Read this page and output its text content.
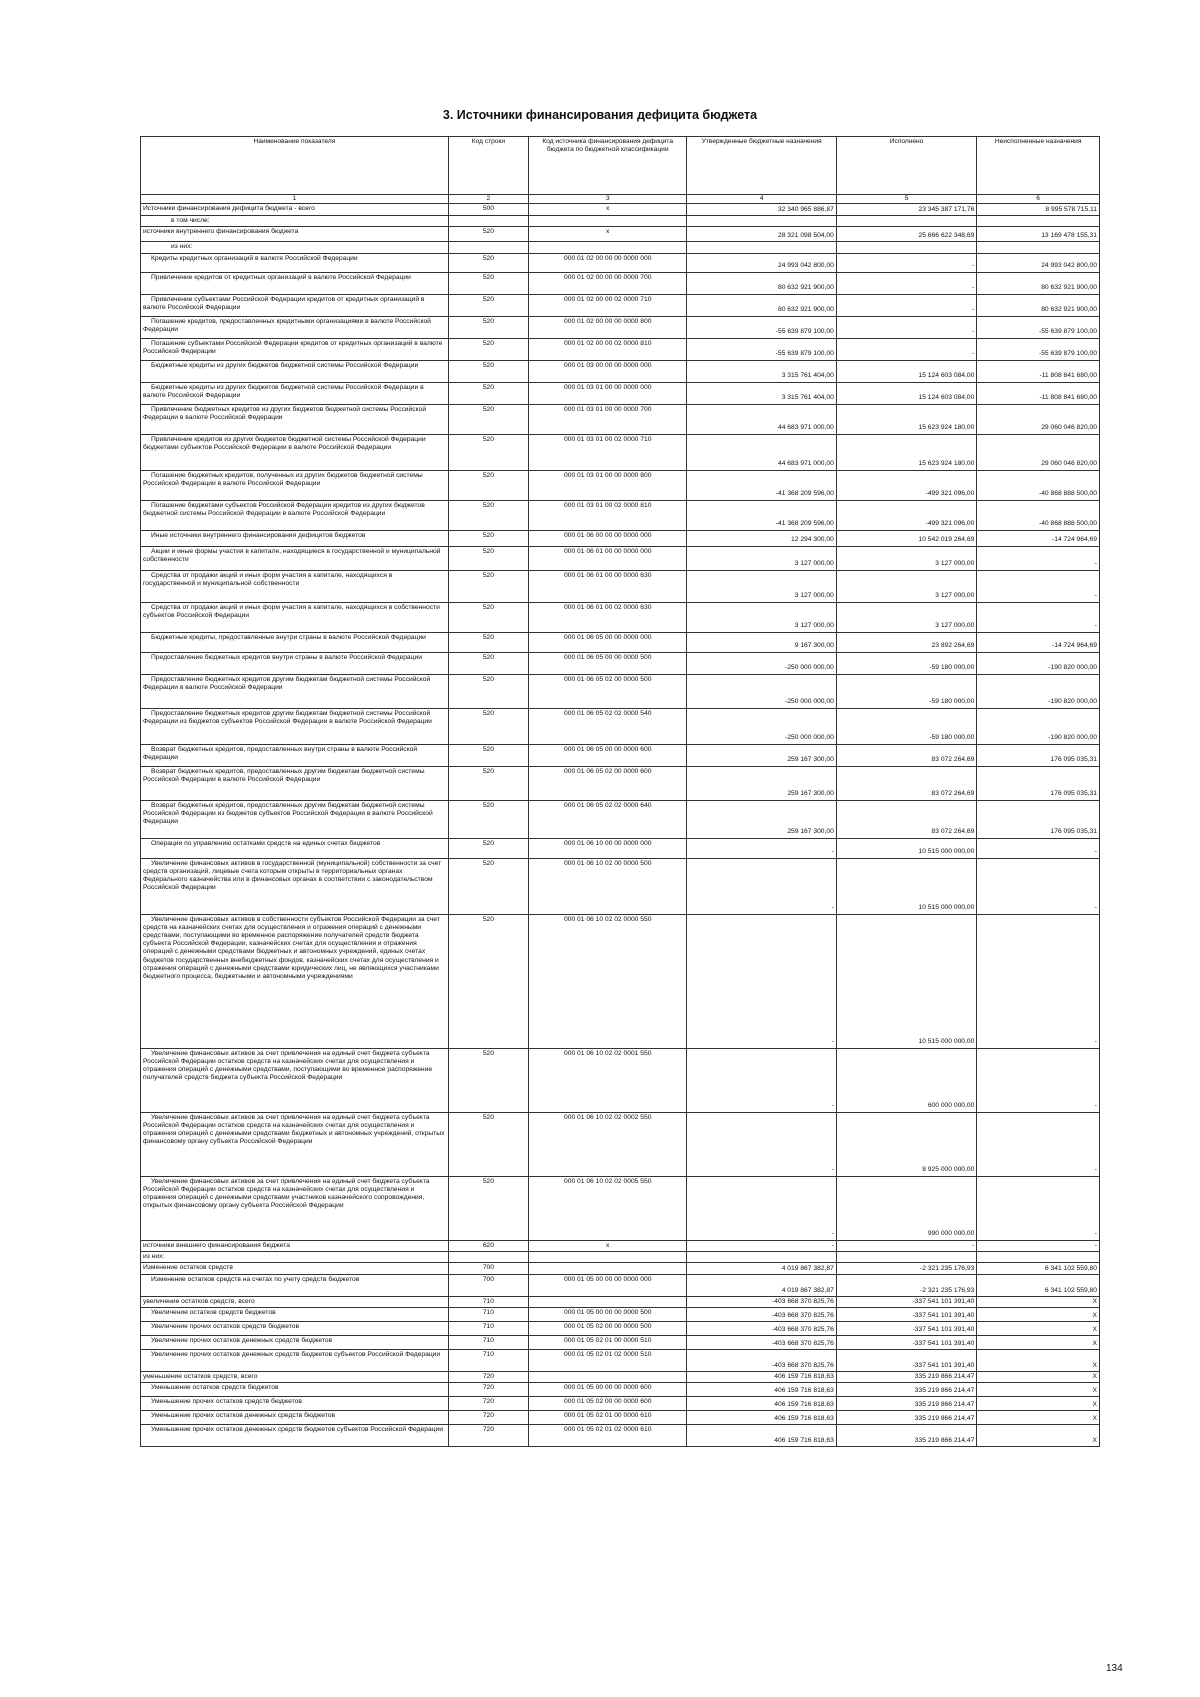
3. Источники финансирования дефицита бюджета
Наименование показателя	Код строки	Код источника финансирования дефицита бюджета по бюджетной классификации	Утвержденные бюджетные назначения	Исполнено	Неисполненные назначения
1	2	3	4	5	6
Источники финансирования дефицита бюджета - всего	500	x	32 340 965 886,87	23 345 387 171,76	8 995 578 715,11
в том числе:					
источники внутреннего финансирования бюджета	520	x	28 321 098 504,00	25 666 622 348,69	13 169 478 155,31
из них:					
Кредиты кредитных организаций в валюте Российской Федерации	520	000 01 02 00 00 00 0000 000	24 993 042 800,00	-	24 993 042 800,00
Привлечение кредитов от кредитных организаций в валюте Российской Федерации	520	000 01 02 00 00 00 0000 700	80 632 921 900,00	-	80 632 921 900,00
Привлечение субъектами Российской Федерации кредитов от кредитных организаций в валюте Российской Федерации	520	000 01 02 00 00 02 0000 710	80 632 921 900,00	-	80 632 921 900,00
Погашение кредитов, предоставленных кредитными организациями в валюте Российской Федерации	520	000 01 02 00 00 00 0000 800	-55 639 879 100,00	-	-55 639 879 100,00
Погашение субъектами Российской Федерации кредитов от кредитных организаций в валюте Российской Федерации	520	000 01 02 00 00 02 0000 810	-55 639 879 100,00	-	-55 639 879 100,00
Бюджетные кредиты из других бюджетов бюджетной системы Российской Федерации	520	000 01 03 00 00 00 0000 000	3 315 761 404,00	15 124 603 084,00	-11 808 841 680,00
Бюджетные кредиты из других бюджетов бюджетной системы Российской Федерации в валюте Российской Федерации	520	000 01 03 01 00 00 0000 000	3 315 761 404,00	15 124 603 084,00	-11 808 841 680,00
Привлечение бюджетных кредитов из других бюджетов бюджетной системы Российской Федерации в валюте Российской Федерации	520	000 01 03 01 00 00 0000 700	44 683 971 000,00	15 623 924 180,00	29 060 046 820,00
Привлечение кредитов из других бюджетов бюджетной системы Российской Федерации бюджетами субъектов Российской Федерации в валюте Российской Федерации	520	000 01 03 01 00 02 0000 710	44 683 971 000,00	15 623 924 180,00	29 060 046 820,00
Погашение бюджетных кредитов, полученных из других бюджетов бюджетной системы Российской Федерации в валюте Российской Федерации	520	000 01 03 01 00 00 0000 800	-41 368 209 596,00	-499 321 096,00	-40 868 888 500,00
Погашение бюджетами субъектов Российской Федерации кредитов из других бюджетов бюджетной системы Российской Федерации в валюте Российской Федерации	520	000 01 03 01 00 02 0000 810	-41 368 209 596,00	-499 321 096,00	-40 868 888 500,00
Иные источники внутреннего финансирования дефицитов бюджетов	520	000 01 06 00 00 00 0000 000	12 294 300,00	10 542 019 264,69	-14 724 964,69
Акции и иные формы участия в капитале, находящиеся в государственной и муниципальной собственности	520	000 01 06 01 00 00 0000 000	3 127 000,00	3 127 000,00	-
Средства от продажи акций и иных форм участия в капитале, находящихся в государственной и муниципальной собственности	520	000 01 06 01 00 00 0000 630	3 127 000,00	3 127 000,00	-
Средства от продажи акций и иных форм участия в капитале, находящихся в собственности субъектов Российской Федерации	520	000 01 06 01 00 02 0000 630	3 127 000,00	3 127 000,00	-
Бюджетные кредиты, предоставленные внутри страны в валюте Российской Федерации	520	000 01 06 05 00 00 0000 000	9 167 300,00	23 892 264,69	-14 724 964,69
Предоставление бюджетных кредитов внутри страны в валюте Российской Федерации	520	000 01 06 05 00 00 0000 500	-250 000 000,00	-59 180 000,00	-190 820 000,00
Предоставление бюджетных кредитов другим бюджетам бюджетной системы Российской Федерации в валюте Российской Федерации	520	000 01 06 05 02 00 0000 500	-250 000 000,00	-59 180 000,00	-190 820 000,00
Предоставление бюджетных кредитов другим бюджетам бюджетной системы Российской Федерации из бюджетов субъектов Российской Федерации в валюте Российской Федерации	520	000 01 06 05 02 02 0000 540	-250 000 000,00	-59 180 000,00	-190 820 000,00
Возврат бюджетных кредитов, предоставленных внутри страны в валюте Российской Федерации	520	000 01 06 05 00 00 0000 600	259 167 300,00	83 072 264,69	176 095 035,31
Возврат бюджетных кредитов, предоставленных другим бюджетам бюджетной системы Российской Федерации в валюте Российской Федерации	520	000 01 06 05 02 00 0000 600	259 167 300,00	83 072 264,69	176 095 035,31
Возврат бюджетных кредитов, предоставленных другим бюджетам бюджетной системы Российской Федерации из бюджетов субъектов Российской Федерации в валюте Российской Федерации	520	000 01 06 05 02 02 0000 640	259 167 300,00	83 072 264,69	176 095 035,31
Операции по управлению остатками средств на единых счетах бюджетов	520	000 01 06 10 00 00 0000 000	-	10 515 000 000,00	-
Увеличение финансовых активов в государственной (муниципальной) собственности за счет средств организаций, лицевые счета которым открыты в территориальных органах Федерального казначейства или в финансовых органах в соответствии с законодательством Российской Федерации	520	000 01 06 10 02 00 0000 500	-	10 515 000 000,00	-
Увеличение финансовых активов в собственности субъектов Российской Федерации за счет средств на казначейских счетах для осуществления и отражения операций с денежными средствами, поступающими во временное распоряжение получателей средств бюджета субъекта Российской Федерации, казначейских счетах для осуществления и отражения операций с денежными средствами бюджетных и автономных учреждений, единых счетах бюджетов государственных внебюджетных фондов, казначейских счетах для осуществления и отражения операций с денежными средствами юридических лиц, не являющихся участниками бюджетного процесса, бюджетными и автономными учреждениями	520	000 01 06 10 02 02 0000 550	-	10 515 000 000,00	-
Увеличение финансовых активов за счет привлечения на единый счет бюджета субъекта Российской Федерации остатков средств на казначейских счетах для осуществления и отражения операций с денежными средствами, поступающими во временное распоряжение получателей средств бюджета субъекта Российской Федерации	520	000 01 06 10 02 02 0001 550	-	600 000 000,00	-
Увеличение финансовых активов за счет привлечения на единый счет бюджета субъекта Российской Федерации остатков средств на казначейских счетах для осуществления и отражения операций с денежными средствами бюджетных и автономных учреждений, открытых финансовому органу субъекта Российской Федерации	520	000 01 06 10 02 02 0002 550	-	8 925 000 000,00	-
Увеличение финансовых активов за счет привлечения на единый счет бюджета субъекта Российской Федерации остатков средств на казначейских счетах для осуществления и отражения операций с денежными средствами участников казначейского сопровождения, открытых финансовому органу субъекта Российской Федерации	520	000 01 06 10 02 02 0005 550	-	990 000 000,00	-
источники внешнего финансирования бюджета	620	x	-	-	-
из них:					
Изменение остатков средств	700		4 019 867 382,87	-2 321 235 176,93	6 341 102 559,80
Изменение остатков средств на счетах по учету средств бюджетов	700	000 01 05 00 00 00 0000 000	4 019 867 382,87	-2 321 235 176,93	6 341 102 559,80
увеличение остатков средств, всего	710		-403 668 370 825,76	-337 541 101 391,40	X
Увеличение остатков средств бюджетов	710	000 01 05 00 00 00 0000 500	-403 668 370 825,76	-337 541 101 391,40	X
Увеличение прочих остатков средств бюджетов	710	000 01 05 02 00 00 0000 500	-403 668 370 825,76	-337 541 101 391,40	X
Увеличение прочих остатков денежных средств бюджетов	710	000 01 05 02 01 00 0000 510	-403 668 370 825,76	-337 541 101 391,40	X
Увеличение прочих остатков денежных средств бюджетов субъектов Российской Федерации	710	000 01 05 02 01 02 0000 510	-403 668 370 825,76	-337 541 101 391,40	X
уменьшение остатков средств, всего	720		406 159 716 818,63	335 219 866 214,47	X
Уменьшение остатков средств бюджетов	720	000 01 05 00 00 00 0000 600	406 159 716 818,63	335 219 866 214,47	X
Уменьшение прочих остатков средств бюджетов	720	000 01 05 02 00 00 0000 600	406 159 716 818,63	335 219 866 214,47	X
Уменьшение прочих остатков денежных средств бюджетов	720	000 01 05 02 01 00 0000 610	406 159 716 818,63	335 219 866 214,47	X
Уменьшение прочих остатков денежных средств бюджетов субъектов Российской Федерации	720	000 01 05 02 01 02 0000 610	406 159 716 818,63	335 219 866 214,47	X
134
